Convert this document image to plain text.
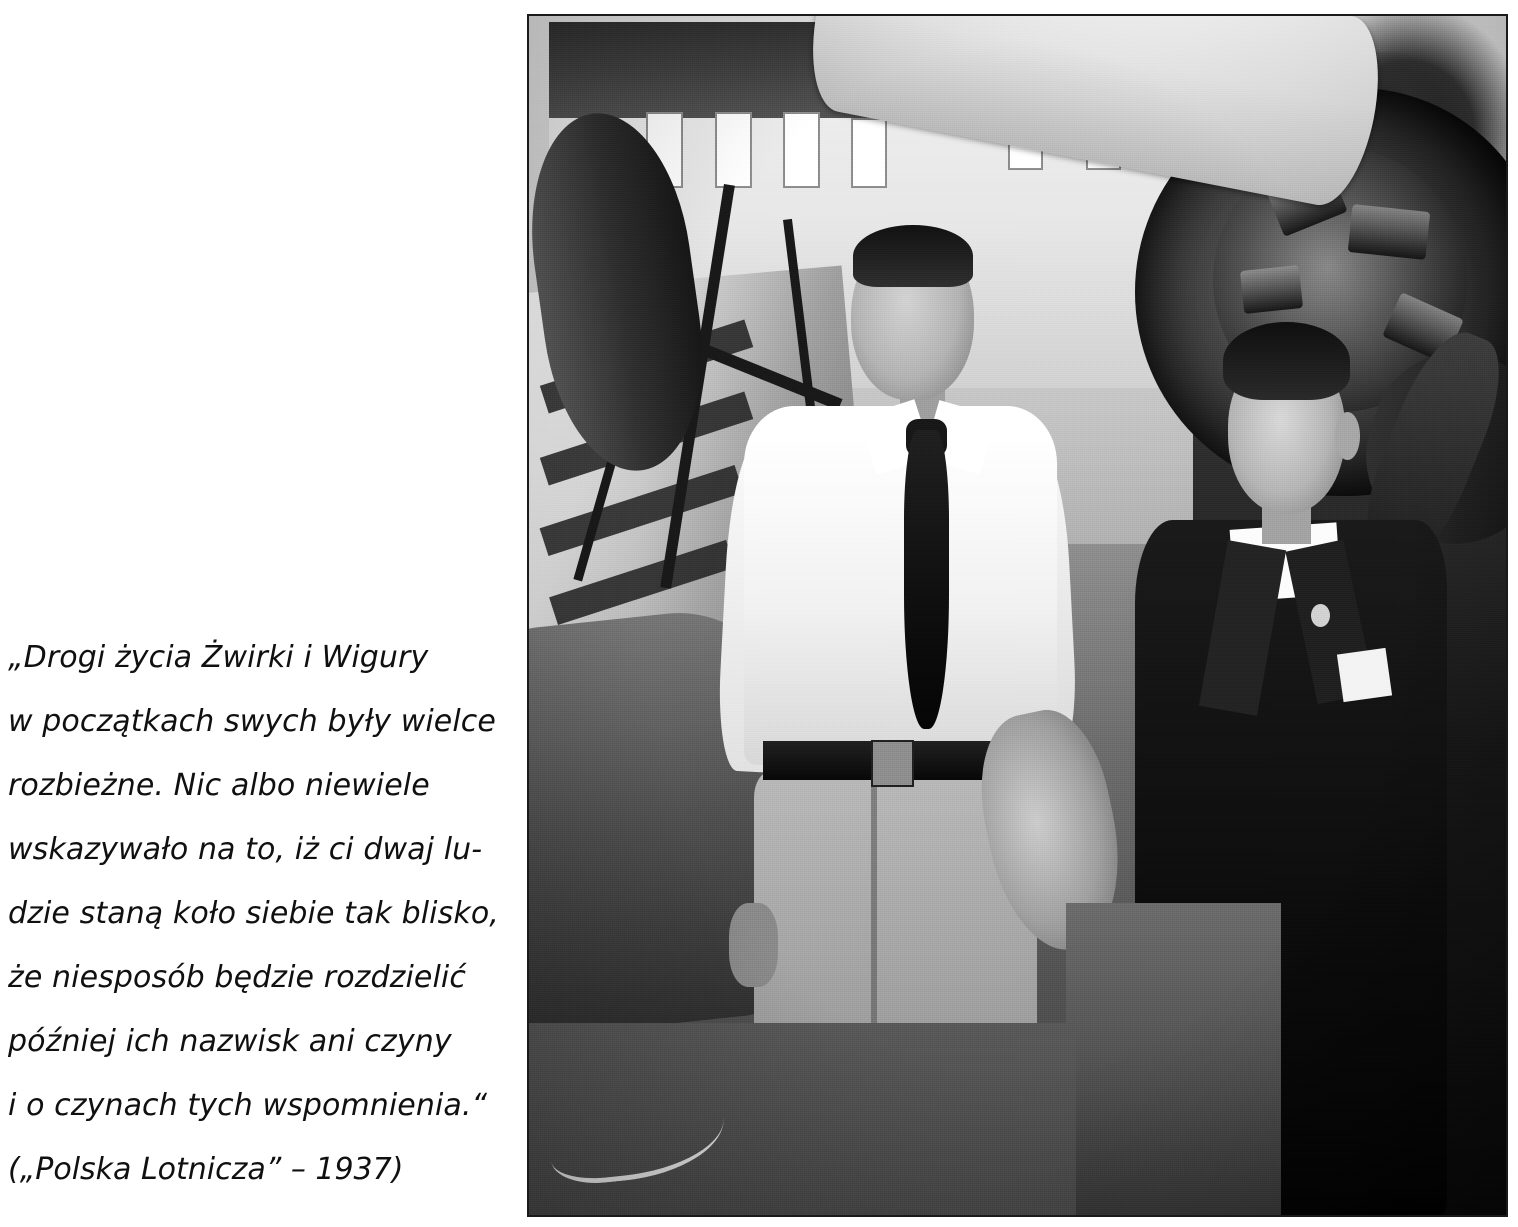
„Drogi życia Żwirki i Wigury
w początkach swych były wielce
rozbieżne. Nic albo niewiele
wskazywało na to, iż ci dwaj lu-
dzie staną koło siebie tak blisko,
że niesposób będzie rozdzielić
później ich nazwisk ani czyny
i o czynach tych wspomnienia.“
(„Polska Lotnicza” – 1937)
